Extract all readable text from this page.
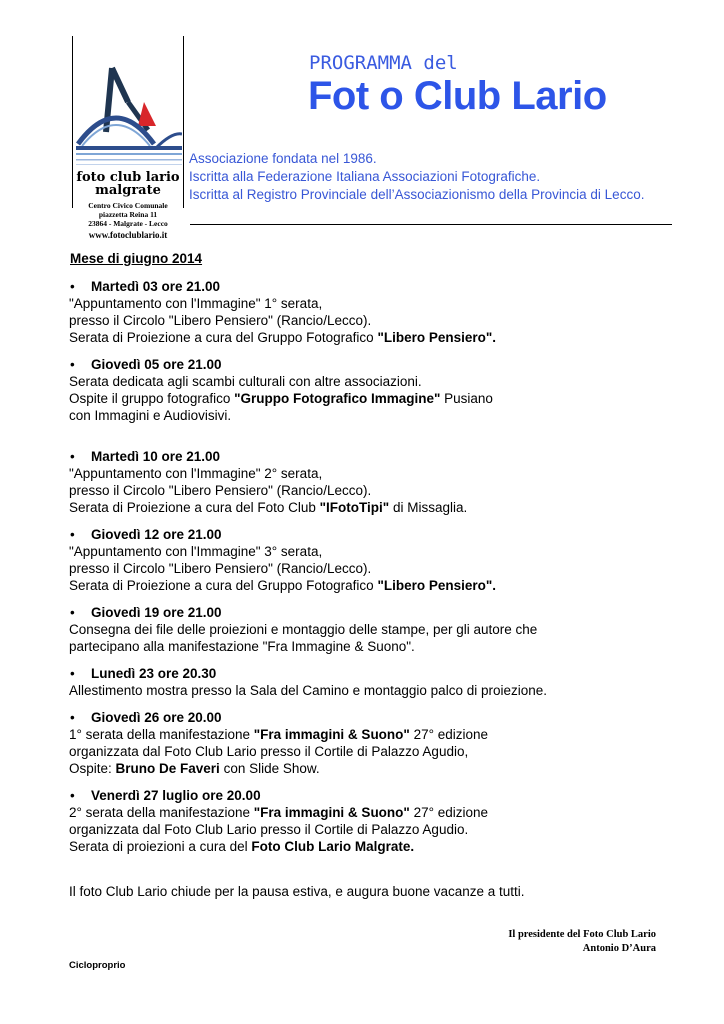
foto club lario
malgrate
Centro Civico Comunale
piazzetta Reina 11
23864 - Malgrate - Lecco
www.fotoclublario.it
PROGRAMMA del
Fot o Club Lario
Associazione fondata nel 1986.
Iscritta alla Federazione Italiana Associazioni Fotografiche.
Iscritta al Registro Provinciale dell’Associazionismo della Provincia di Lecco.
Mese di giugno 2014
• Martedì 03 ore 21.00
"Appuntamento con l'Immagine" 1° serata,
presso il Circolo "Libero Pensiero" (Rancio/Lecco).
Serata di Proiezione a cura del Gruppo Fotografico "Libero Pensiero".
• Giovedì 05 ore 21.00
Serata dedicata agli scambi culturali con altre associazioni.
Ospite il gruppo fotografico "Gruppo Fotografico Immagine" Pusiano
con Immagini e Audiovisivi.
• Martedì 10 ore 21.00
"Appuntamento con l'Immagine" 2° serata,
presso il Circolo "Libero Pensiero" (Rancio/Lecco).
Serata di Proiezione a cura del Foto Club "IFotoTipi" di Missaglia.
• Giovedì 12 ore 21.00
"Appuntamento con l'Immagine" 3° serata,
presso il Circolo "Libero Pensiero" (Rancio/Lecco).
Serata di Proiezione a cura del Gruppo Fotografico "Libero Pensiero".
• Giovedì 19 ore 21.00
Consegna dei file delle proiezioni e montaggio delle stampe, per gli autore che
partecipano alla manifestazione "Fra Immagine & Suono".
• Lunedì 23 ore 20.30
Allestimento mostra presso la Sala del Camino e montaggio palco di proiezione.
• Giovedì 26 ore 20.00
1° serata della manifestazione "Fra immagini & Suono" 27° edizione
organizzata dal Foto Club Lario presso il Cortile di Palazzo Agudio,
Ospite: Bruno De Faveri con Slide Show.
• Venerdì 27 luglio ore 20.00
2° serata della manifestazione "Fra immagini & Suono" 27° edizione
organizzata dal Foto Club Lario presso il Cortile di Palazzo Agudio.
Serata di proiezioni a cura del Foto Club Lario Malgrate.
Il foto Club Lario chiude per la pausa estiva, e augura buone vacanze a tutti.
Il presidente del Foto Club Lario
Antonio D’Aura
Cicloproprio
